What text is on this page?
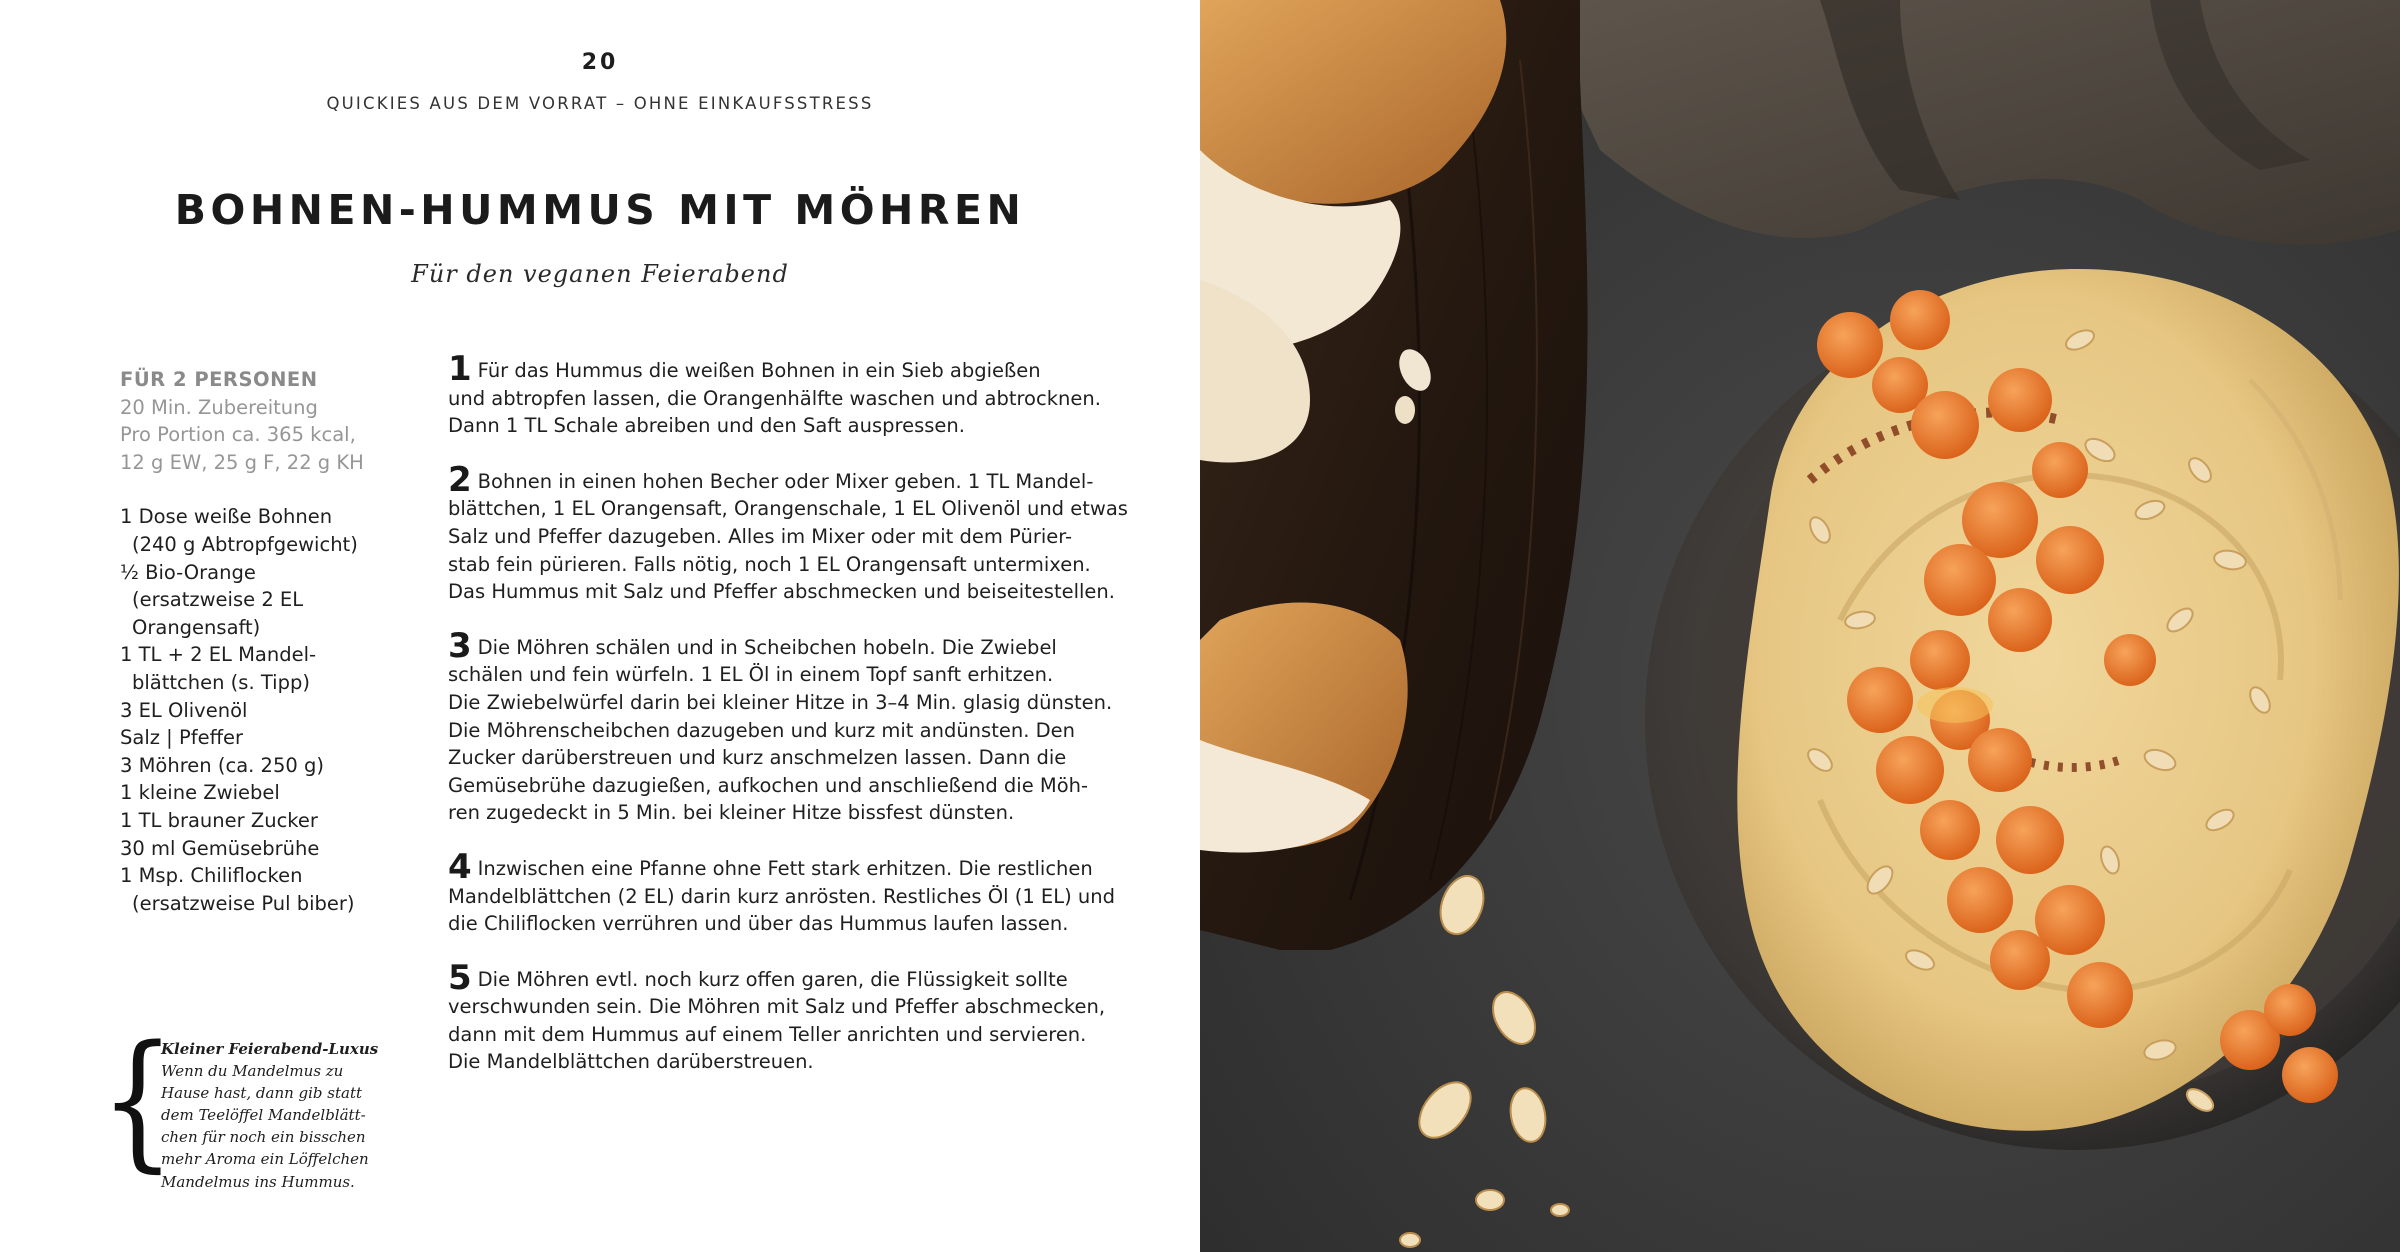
20
QUICKIES AUS DEM VORRAT – OHNE EINKAUFSSTRESS
BOHNEN-HUMMUS MIT MÖHREN
Für den veganen Feierabend
FÜR 2 PERSONEN
20 Min. Zubereitung
Pro Portion ca. 365 kcal,
12 g EW, 25 g F, 22 g KH
1 Dose weiße Bohnen
(240 g Abtropfgewicht)
½ Bio-Orange
(ersatzweise 2 EL Orangensaft)
1 TL + 2 EL Mandel-
blättchen (s. Tipp)
3 EL Olivenöl
Salz | Pfeffer
3 Möhren (ca. 250 g)
1 kleine Zwiebel
1 TL brauner Zucker
30 ml Gemüsebrühe
1 Msp. Chiliflocken
(ersatzweise Pul biber)
1 Für das Hummus die weißen Bohnen in ein Sieb abgießen
und abtropfen lassen, die Orangenhälfte waschen und abtrocknen.
Dann 1 TL Schale abreiben und den Saft auspressen.
2 Bohnen in einen hohen Becher oder Mixer geben. 1 TL Mandel-
blättchen, 1 EL Orangensaft, Orangenschale, 1 EL Olivenöl und etwas
Salz und Pfeffer dazugeben. Alles im Mixer oder mit dem Pürier-
stab fein pürieren. Falls nötig, noch 1 EL Orangensaft untermixen.
Das Hummus mit Salz und Pfeffer abschmecken und beiseitestellen.
3 Die Möhren schälen und in Scheibchen hobeln. Die Zwiebel
schälen und fein würfeln. 1 EL Öl in einem Topf sanft erhitzen.
Die Zwiebelwürfel darin bei kleiner Hitze in 3–4 Min. glasig dünsten.
Die Möhrenscheibchen dazugeben und kurz mit andünsten. Den
Zucker darüberstreuen und kurz anschmelzen lassen. Dann die
Gemüsebrühe dazugießen, aufkochen und anschließend die Möh-
ren zugedeckt in 5 Min. bei kleiner Hitze bissfest dünsten.
4 Inzwischen eine Pfanne ohne Fett stark erhitzen. Die restlichen
Mandelblättchen (2 EL) darin kurz anrösten. Restliches Öl (1 EL) und
die Chiliflocken verrühren und über das Hummus laufen lassen.
5 Die Möhren evtl. noch kurz offen garen, die Flüssigkeit sollte
verschwunden sein. Die Möhren mit Salz und Pfeffer abschmecken,
dann mit dem Hummus auf einem Teller anrichten und servieren.
Die Mandelblättchen darüberstreuen.
{
Kleiner Feierabend-Luxus
Wenn du Mandelmus zu
Hause hast, dann gib statt
dem Teelöffel Mandelblätt-
chen für noch ein bisschen
mehr Aroma ein Löffelchen
Mandelmus ins Hummus.
